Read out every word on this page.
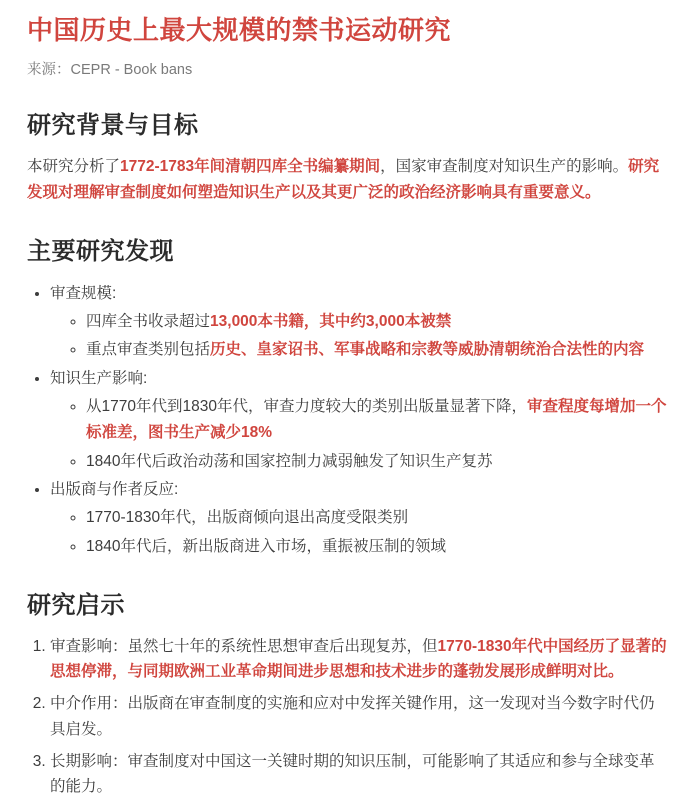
中国历史上最大规模的禁书运动研究

来源：CEPR - Book bans

研究背景与目标

本研究分析了1772-1783年间清朝四库全书编纂期间，国家审查制度对知识生产的影响。研究发现对理解审查制度如何塑造知识生产以及其更广泛的政治经济影响具有重要意义。

主要研究发现
• 审查规模:
◦ 四库全书收录超过13,000本书籍，其中约3,000本被禁
◦ 重点审查类别包括历史、皇家诏书、军事战略和宗教等威胁清朝统治合法性的内容
• 知识生产影响:
◦ 从1770年代到1830年代，审查力度较大的类别出版量显著下降，审查程度每增加一个标准差，图书生产减少18%
◦ 1840年代后政治动荡和国家控制力减弱触发了知识生产复苏
• 出版商与作者反应:
◦ 1770-1830年代，出版商倾向退出高度受限类别
◦ 1840年代后，新出版商进入市场，重振被压制的领域
研究启示
1. 审查影响：虽然七十年的系统性思想审查后出现复苏，但1770-1830年代中国经历了显著的思想停滞，与同期欧洲工业革命期间进步思想和技术进步的蓬勃发展形成鲜明对比。
2. 中介作用：出版商在审查制度的实施和应对中发挥关键作用，这一发现对当今数字时代仍具启发。
3. 长期影响：审查制度对中国这一关键时期的知识压制，可能影响了其适应和参与全球变革的能力。
